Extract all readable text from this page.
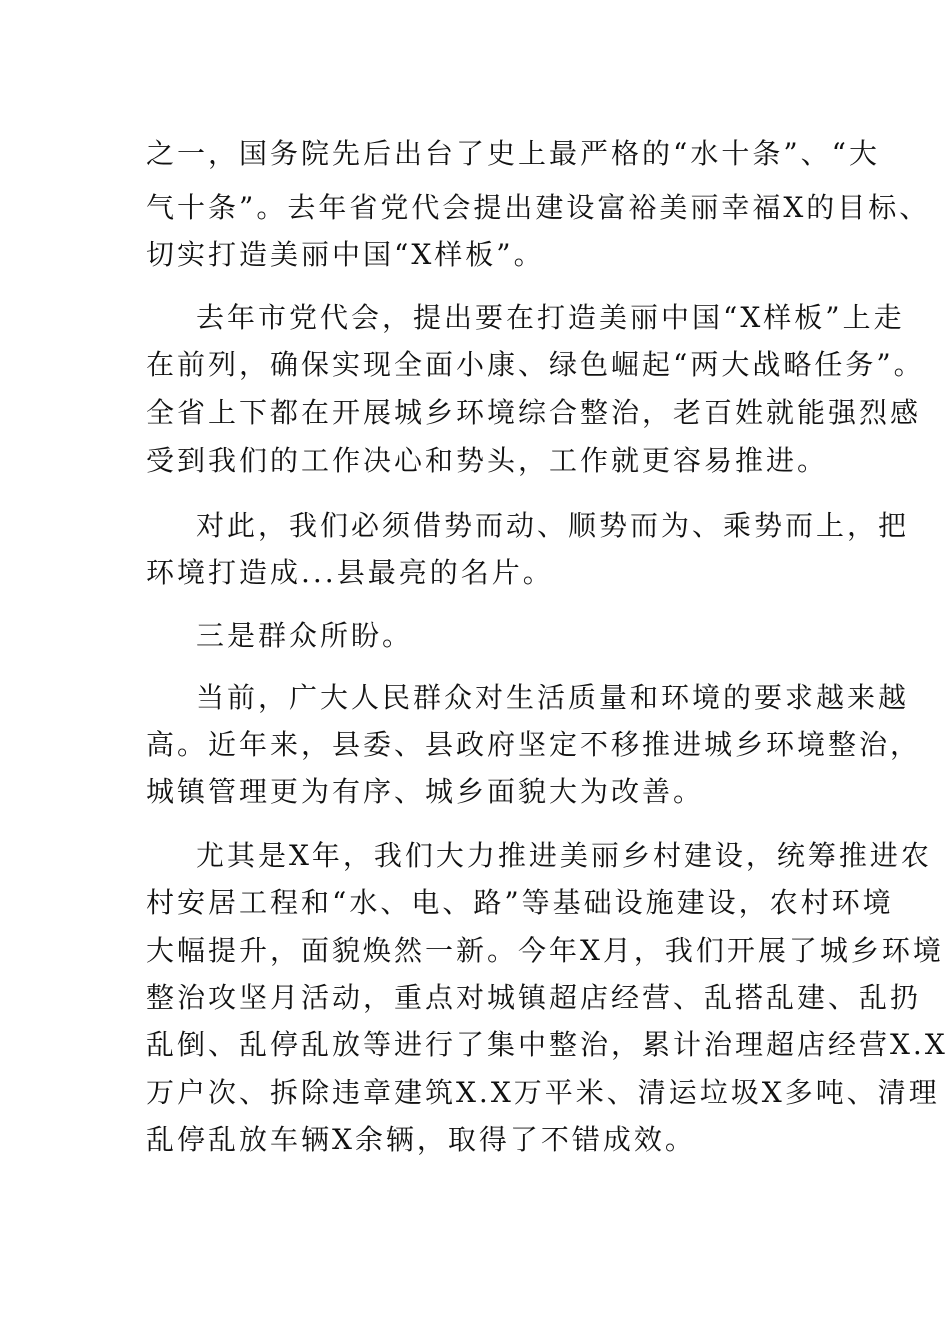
之一，国务院先后出台了史上最严格的“水十条”、“大
气十条”。去年省党代会提出建设富裕美丽幸福X的目标、
切实打造美丽中国“X样板”。
去年市党代会，提出要在打造美丽中国“X样板”上走
在前列，确保实现全面小康、绿色崛起“两大战略任务”。
全省上下都在开展城乡环境综合整治，老百姓就能强烈感
受到我们的工作决心和势头，工作就更容易推进。
对此，我们必须借势而动、顺势而为、乘势而上，把
环境打造成...县最亮的名片。
三是群众所盼。
当前，广大人民群众对生活质量和环境的要求越来越
高。近年来，县委、县政府坚定不移推进城乡环境整治，
城镇管理更为有序、城乡面貌大为改善。
尤其是X年，我们大力推进美丽乡村建设，统筹推进农
村安居工程和“水、电、路”等基础设施建设，农村环境
大幅提升，面貌焕然一新。今年X月，我们开展了城乡环境
整治攻坚月活动，重点对城镇超店经营、乱搭乱建、乱扔
乱倒、乱停乱放等进行了集中整治，累计治理超店经营X.X
万户次、拆除违章建筑X.X万平米、清运垃圾X多吨、清理
乱停乱放车辆X余辆，取得了不错成效。
